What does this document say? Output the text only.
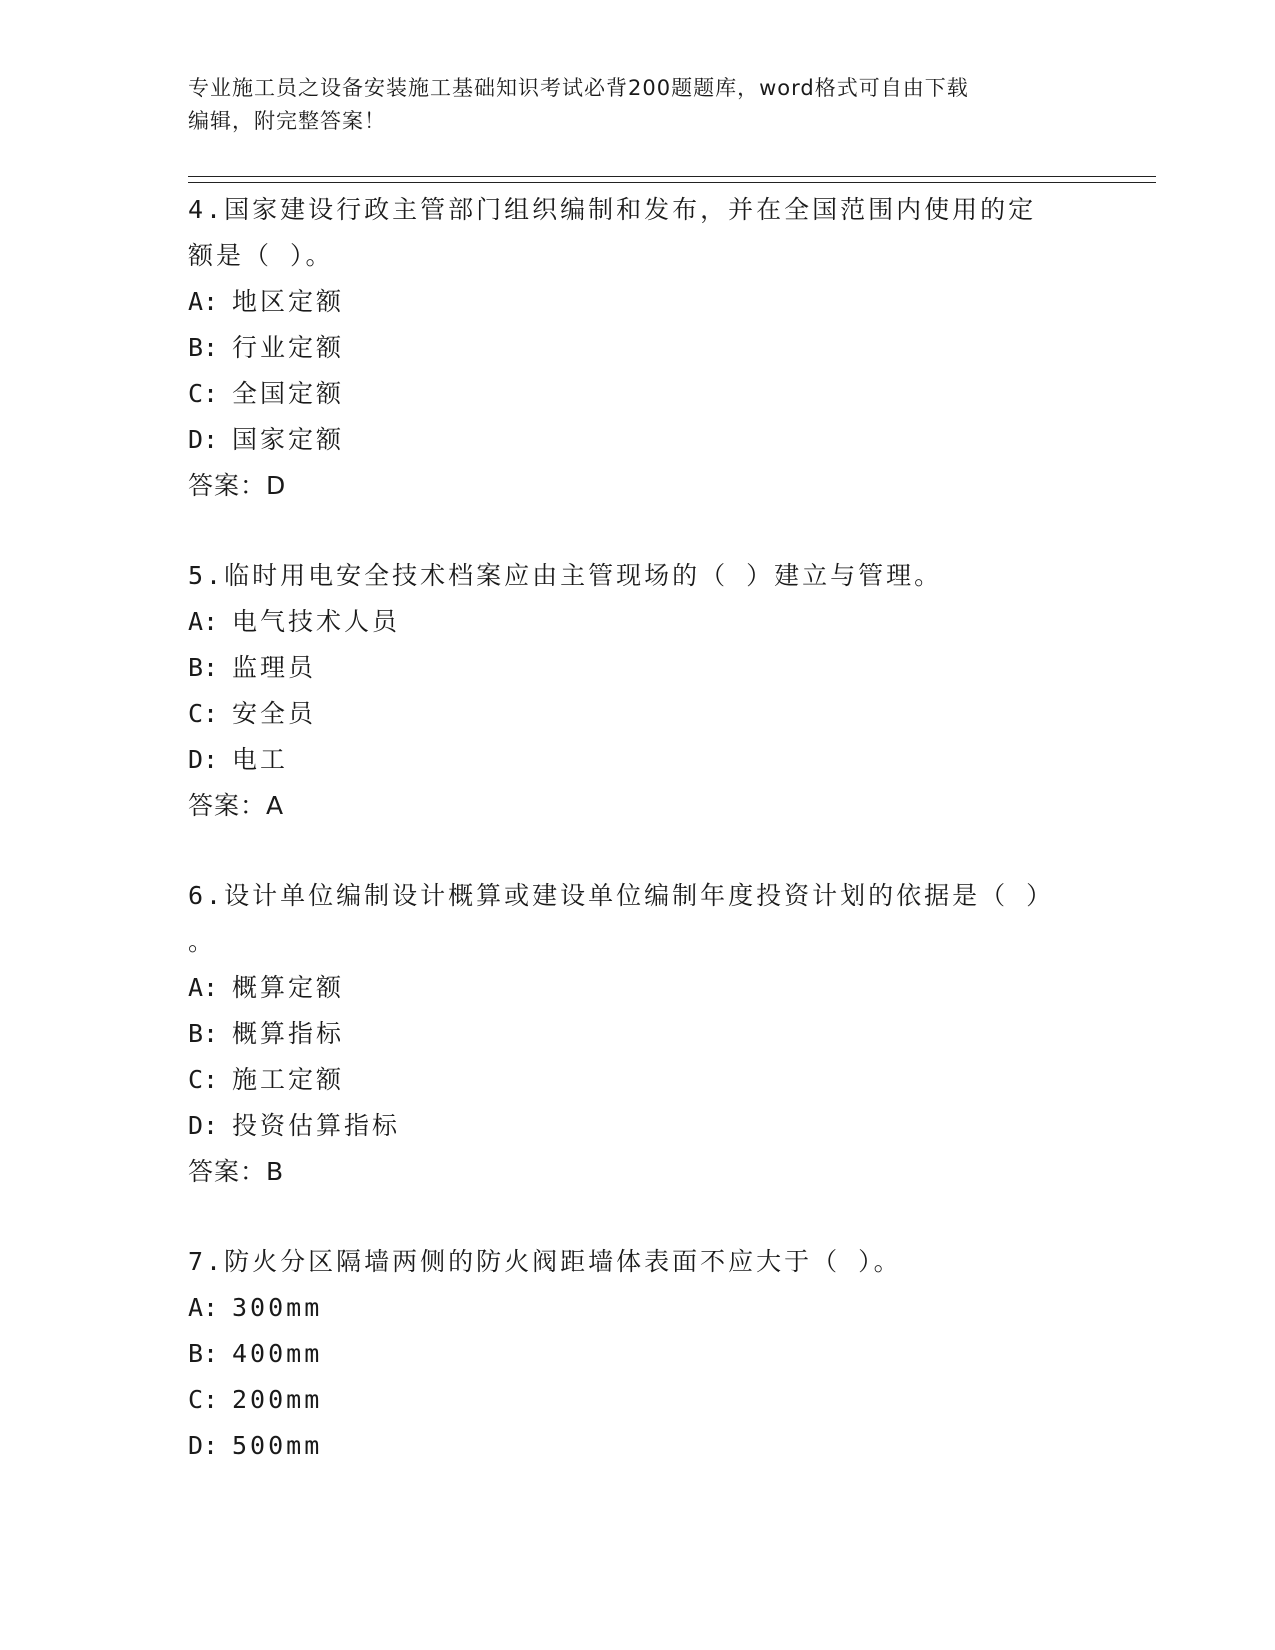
专业施工员之设备安装施工基础知识考试必背200题题库，word格式可自由下载
编辑，附完整答案！
4.国家建设行政主管部门组织编制和发布，并在全国范围内使用的定
额是（ ）。
A: 地区定额
B: 行业定额
C: 全国定额
D: 国家定额
答案：D
5.临时用电安全技术档案应由主管现场的（ ）建立与管理。
A: 电气技术人员
B: 监理员
C: 安全员
D: 电工
答案：A
6.设计单位编制设计概算或建设单位编制年度投资计划的依据是（ ）
。
A: 概算定额
B: 概算指标
C: 施工定额
D: 投资估算指标
答案：B
7.防火分区隔墙两侧的防火阀距墙体表面不应大于（ ）。
A: 300mm
B: 400mm
C: 200mm
D: 500mm
